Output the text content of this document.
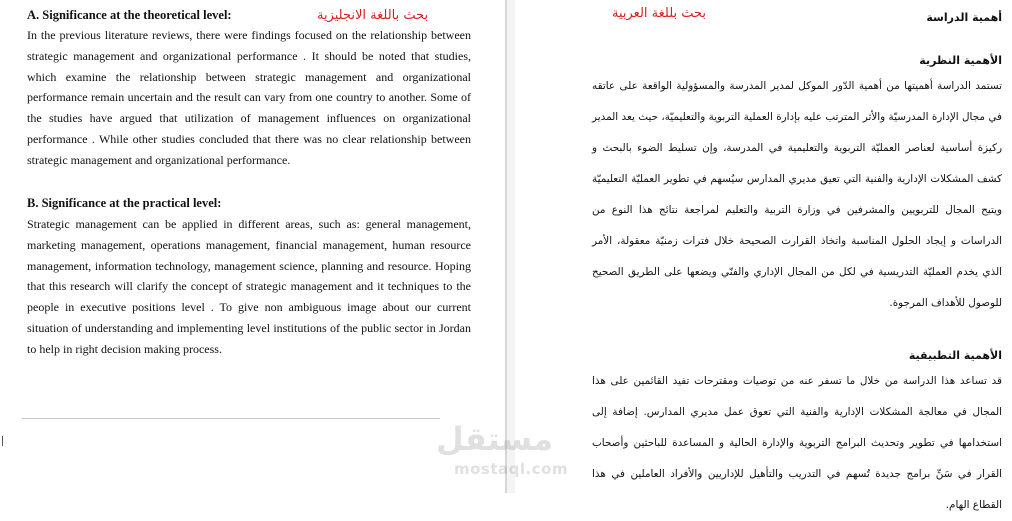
A. Significance at the theoretical level:	بحث باللغة الانجليزية
In the previous literature reviews, there were findings focused on the relationship between strategic management and organizational performance . It should be noted that studies, which examine the relationship between strategic management and organizational performance remain uncertain and the result can vary from one country to another. Some of the studies have argued that utilization of management influences on organizational performance . While other studies concluded that there was no clear relationship between strategic management and organizational performance.
B. Significance at the practical level:
Strategic management can be applied in different areas, such as: general management, marketing management, operations management, financial management, human resource management, information technology, management science, planning and resource. Hoping that this research will clarify the concept of strategic management and it techniques to the people in executive positions level . To give non ambiguous image about our current situation of understanding and implementing level institutions of the public sector in Jordan to help in right decision making process.
بحث بللغة العربية	أهمية الدراسة
الأهمية النظرية
تستمد الدراسة أهميتها من أهمية الدّور الموكل لمدير المدرسة والمسؤولية الواقعة على عاتقه في مجال الإدارة المدرسيّة والأثر المترتب عليه بإدارة العملية التربوية والتعليميّة، حيث يعد المدير ركيزة أساسية لعناصر العمليّة التربوية والتعليمية في المدرسة، وإن تسليط الضوء بالبحث و كشف المشكلات الإدارية والفنية التي تعيق مديري المدارس سيُسهم في تطوير العمليّة التعليميّة ويتيح المجال للتربويين والمشرفين في وزارة التربية والتعليم لمراجعة نتائج هذا النوع من الدراسات و إيجاد الحلول المناسبة واتخاذ القرارت الصحيحة خلال فترات زمنيّة معقولة، الأمر الذي يخدم العمليّة التدريسية في لكل من المجال الإداري والفنّي ويضعها على الطريق الصحيح للوصول للأهداف المرجوة.
الأهمية التطبيقية
قد تساعد هذا الدراسة من خلال ما تسفر عنه من توصيات ومقترحات تفيد القائمين على هذا المجال في معالجة المشكلات الإدارية والفنية التي تعوق عمل مديري المدارس. إضافة إلى استخدامها في تطوير وتحديث البرامج التربوية والإدارة الحالية و المساعدة للباحثين وأصحاب القرار في سَنِّ برامج جديدة تُسهم في التدريب والتأهيل للإداريين والأفراد العاملين في هذا القطاع الهام.
مستقل
mostaql.com
